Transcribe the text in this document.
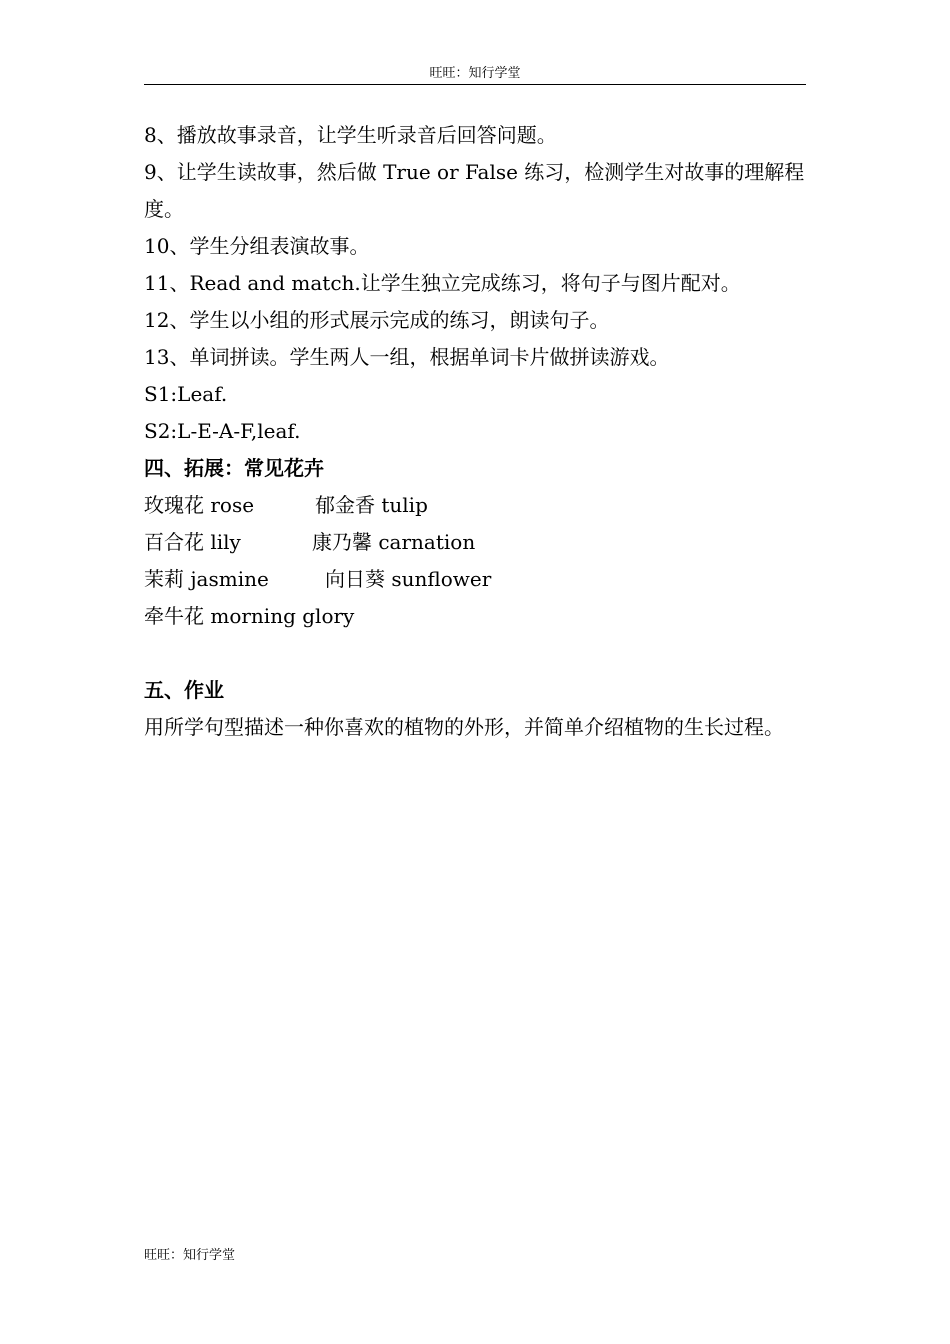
旺旺：知行学堂

8、播放故事录音，让学生听录音后回答问题。

9、让学生读故事，然后做 True or False 练习，检测学生对故事的理解程度。

10、学生分组表演故事。

11、Read and match.让学生独立完成练习，将句子与图片配对。

12、学生以小组的形式展示完成的练习，朗读句子。

13、单词拼读。学生两人一组，根据单词卡片做拼读游戏。

S1:Leaf.

S2:L-E-A-F,leaf.

四、拓展：常见花卉

玫瑰花 rose	郁金香 tulip
百合花 lily	康乃馨 carnation
茉莉 jasmine	向日葵 sunflower
牵牛花 morning glory

五、作业

用所学句型描述一种你喜欢的植物的外形，并简单介绍植物的生长过程。

旺旺：知行学堂
